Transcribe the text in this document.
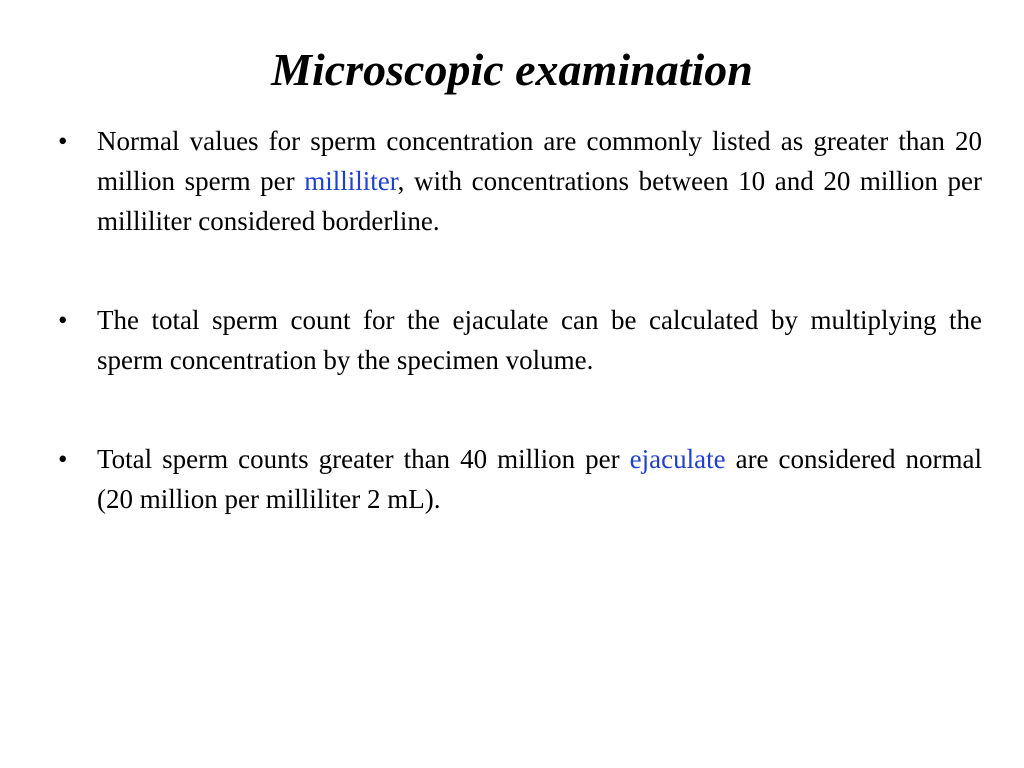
Microscopic examination
• Normal values for sperm concentration are commonly listed as greater than 20 million sperm per milliliter, with concentrations between 10 and 20 million per milliliter considered borderline.
• The total sperm count for the ejaculate can be calculated by multiplying the sperm concentration by the specimen volume.
• Total sperm counts greater than 40 million per ejaculate are considered normal (20 million per milliliter 2 mL).
